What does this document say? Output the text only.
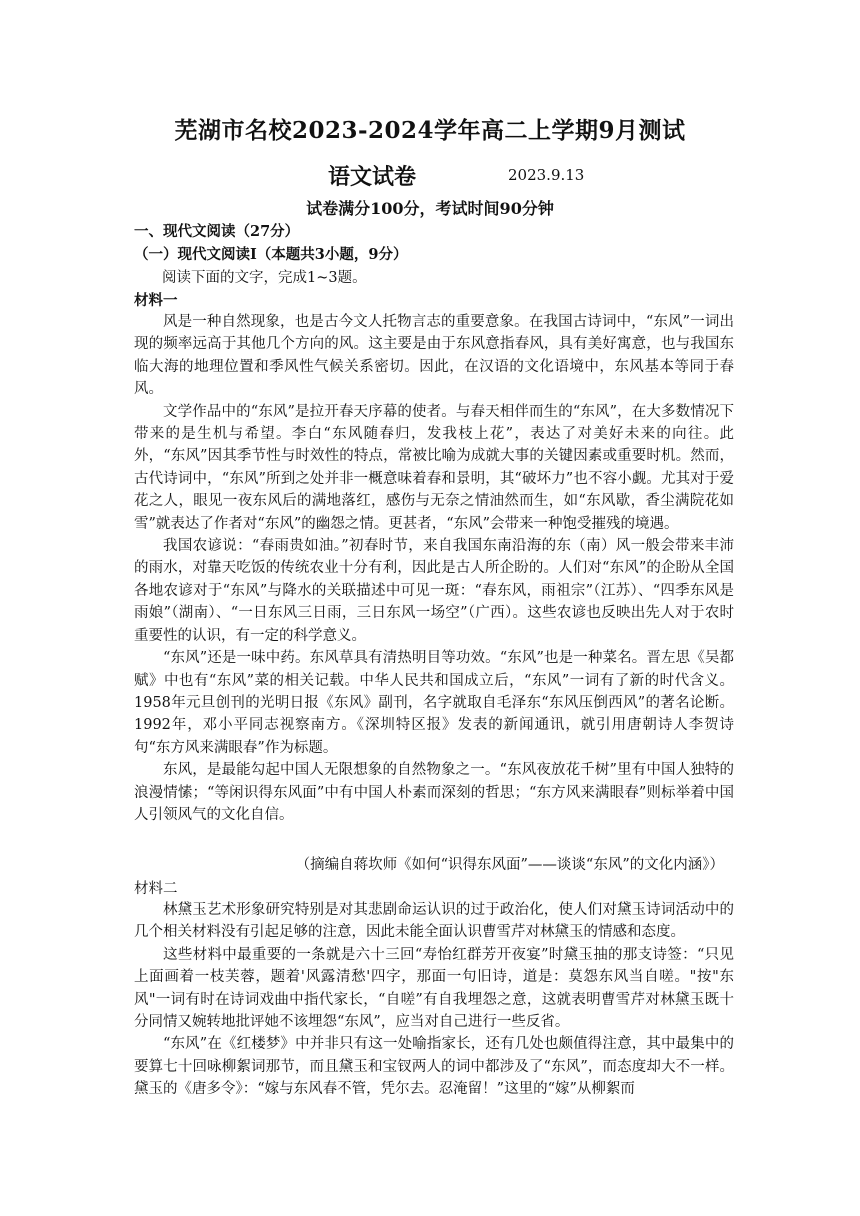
芜湖市名校2023-2024学年高二上学期9月测试
语文试卷	2023.9.13
试卷满分100分，考试时间90分钟
一、现代文阅读（27分）
（一）现代文阅读Ⅰ（本题共3小题，9分）
阅读下面的文字，完成1~3题。
材料一

风是一种自然现象，也是古今文人托物言志的重要意象。在我国古诗词中，“东风”一词出现的频率远高于其他几个方向的风。这主要是由于东风意指春风，具有美好寓意，也与我国东临大海的地理位置和季风性气候关系密切。因此，在汉语的文化语境中，东风基本等同于春风。

文学作品中的“东风”是拉开春天序幕的使者。与春天相伴而生的“东风”，在大多数情况下带来的是生机与希望。李白“东风随春归，发我枝上花”，表达了对美好未来的向往。此外，“东风”因其季节性与时效性的特点，常被比喻为成就大事的关键因素或重要时机。然而，古代诗词中，“东风”所到之处并非一概意味着春和景明，其“破坏力”也不容小觑。尤其对于爱花之人，眼见一夜东风后的满地落红，感伤与无奈之情油然而生，如“东风歇，香尘满院花如雪”就表达了作者对“东风”的幽怨之情。更甚者，“东风”会带来一种饱受摧残的境遇。

我国农谚说：“春雨贵如油。”初春时节，来自我国东南沿海的东（南）风一般会带来丰沛的雨水，对靠天吃饭的传统农业十分有利，因此是古人所企盼的。人们对“东风”的企盼从全国各地农谚对于“东风”与降水的关联描述中可见一斑：“春东风，雨祖宗”（江苏）、“四季东风是雨娘”（湖南）、“一日东风三日雨，三日东风一场空”（广西）。这些农谚也反映出先人对于农时重要性的认识，有一定的科学意义。

“东风”还是一味中药。东风草具有清热明目等功效。“东风”也是一种菜名。晋左思《吴都赋》中也有“东风”菜的相关记载。中华人民共和国成立后，“东风”一词有了新的时代含义。1958年元旦创刊的光明日报《东风》副刊，名字就取自毛泽东“东风压倒西风”的著名论断。1992年，邓小平同志视察南方。《深圳特区报》发表的新闻通讯，就引用唐朝诗人李贺诗句“东方风来满眼春”作为标题。

东风，是最能勾起中国人无限想象的自然物象之一。“东风夜放花千树”里有中国人独特的浪漫情愫；“等闲识得东风面”中有中国人朴素而深刻的哲思；“东方风来满眼春”则标举着中国人引领风气的文化自信。

（摘编自蒋坎师《如何“识得东风面”——谈谈“东风”的文化内涵》）
材料二

林黛玉艺术形象研究特别是对其悲剧命运认识的过于政治化，使人们对黛玉诗词活动中的几个相关材料没有引起足够的注意，因此未能全面认识曹雪芹对林黛玉的情感和态度。

这些材料中最重要的一条就是六十三回“寿怡红群芳开夜宴”时黛玉抽的那支诗签：“只见上面画着一枝芙蓉，题着'风露清愁'四字，那面一句旧诗，道是：莫怨东风当自嗟。"按"东风"一词有时在诗词戏曲中指代家长，“自嗟”有自我埋怨之意，这就表明曹雪芹对林黛玉既十分同情又婉转地批评她不该埋怨“东风”，应当对自己进行一些反省。

“东风”在《红楼梦》中并非只有这一处喻指家长，还有几处也颇值得注意，其中最集中的要算七十回咏柳絮词那节，而且黛玉和宝钗两人的词中都涉及了“东风”，而态度却大不一样。黛玉的《唐多令》：“嫁与东风春不管，凭尔去。忍淹留！”这里的“嫁”从柳絮而
